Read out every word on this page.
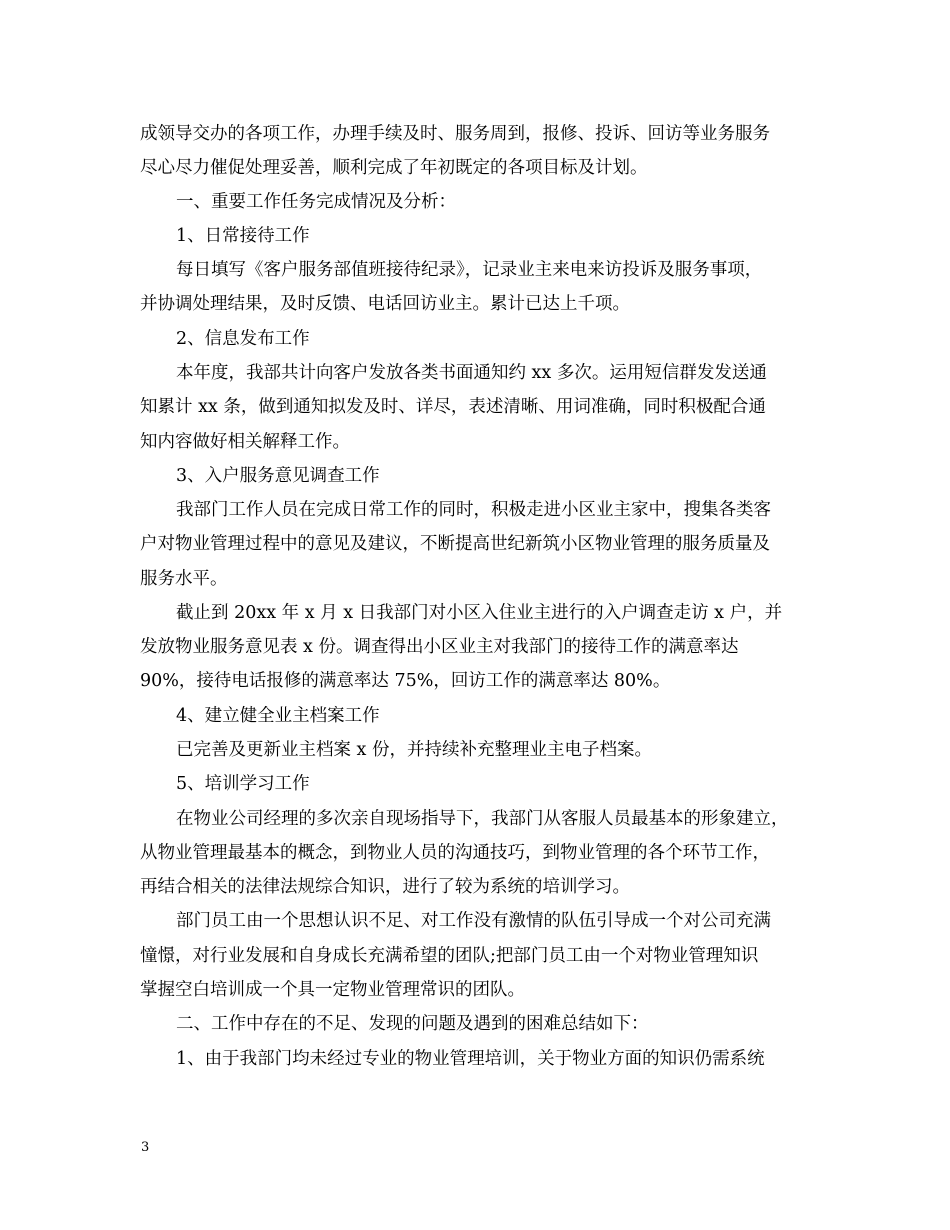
成领导交办的各项工作，办理手续及时、服务周到，报修、投诉、回访等业务服务
尽心尽力催促处理妥善，顺利完成了年初既定的各项目标及计划。
一、重要工作任务完成情况及分析：
1、日常接待工作
每日填写《客户服务部值班接待纪录》，记录业主来电来访投诉及服务事项，
并协调处理结果，及时反馈、电话回访业主。累计已达上千项。
2、信息发布工作
本年度，我部共计向客户发放各类书面通知约 xx 多次。运用短信群发发送通
知累计 xx 条，做到通知拟发及时、详尽，表述清晰、用词准确，同时积极配合通
知内容做好相关解释工作。
3、入户服务意见调查工作
我部门工作人员在完成日常工作的同时，积极走进小区业主家中，搜集各类客
户对物业管理过程中的意见及建议，不断提高世纪新筑小区物业管理的服务质量及
服务水平。
截止到 20xx 年 x 月 x 日我部门对小区入住业主进行的入户调查走访 x 户，并
发放物业服务意见表 x 份。调查得出小区业主对我部门的接待工作的满意率达
90%，接待电话报修的满意率达 75%，回访工作的满意率达 80%。
4、建立健全业主档案工作
已完善及更新业主档案 x 份，并持续补充整理业主电子档案。
5、培训学习工作
在物业公司经理的多次亲自现场指导下，我部门从客服人员最基本的形象建立，
从物业管理最基本的概念，到物业人员的沟通技巧，到物业管理的各个环节工作，
再结合相关的法律法规综合知识，进行了较为系统的培训学习。
部门员工由一个思想认识不足、对工作没有激情的队伍引导成一个对公司充满
憧憬，对行业发展和自身成长充满希望的团队;把部门员工由一个对物业管理知识
掌握空白培训成一个具一定物业管理常识的团队。
二、工作中存在的不足、发现的问题及遇到的困难总结如下：
1、由于我部门均未经过专业的物业管理培训，关于物业方面的知识仍需系统
3
